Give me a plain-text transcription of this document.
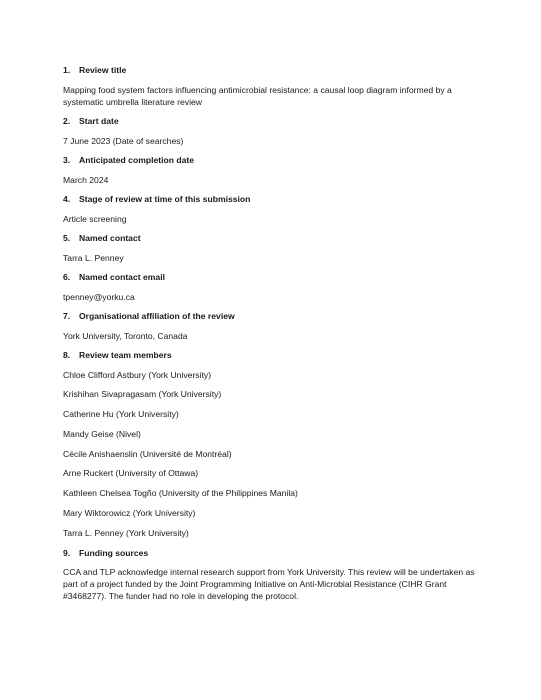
1.	Review title

Mapping food system factors influencing antimicrobial resistance: a causal loop diagram informed by a systematic umbrella literature review

2.	Start date

7 June 2023 (Date of searches)

3.	Anticipated completion date

March 2024

4.	Stage of review at time of this submission

Article screening

5.	Named contact

Tarra L. Penney

6.	Named contact email

tpenney@yorku.ca

7.	Organisational affiliation of the review

York University, Toronto, Canada

8.	Review team members

Chloe Clifford Astbury (York University)

Krishihan Sivapragasam (York University)

Catherine Hu (York University)

Mandy Geise (Nivel)

Cécile Anishaenslin (Université de Montréal)

Arne Ruckert (University of Ottawa)

Kathleen Chelsea Togño (University of the Philippines Manila)

Mary Wiktorowicz (York University)

Tarra L. Penney (York University)

9.	Funding sources

CCA and TLP acknowledge internal research support from York University. This review will be undertaken as part of a project funded by the Joint Programming Initiative on Anti-Microbial Resistance (CIHR Grant #3468277). The funder had no role in developing the protocol.
